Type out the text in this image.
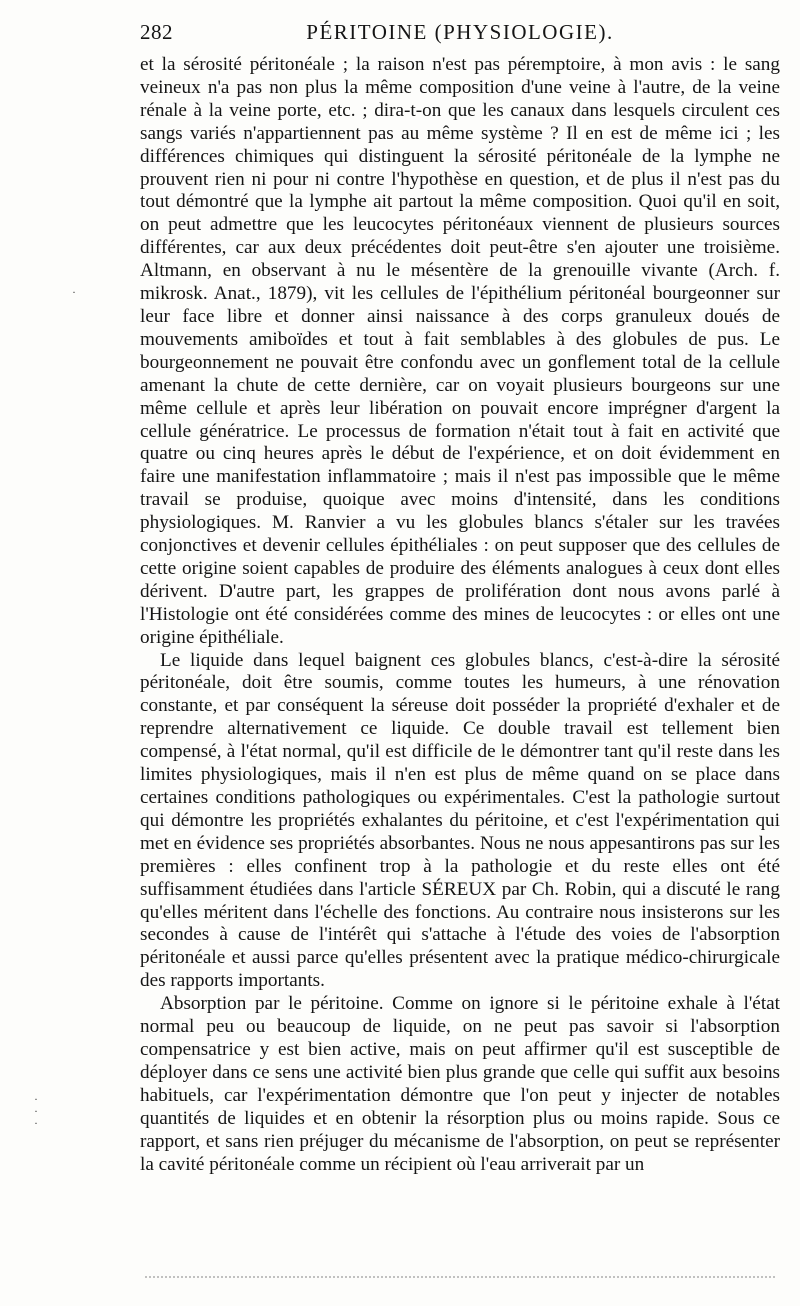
282	PÉRITOINE (PHYSIOLOGIE).

et la sérosité péritonéale ; la raison n'est pas péremptoire, à mon avis : le sang veineux n'a pas non plus la même composition d'une veine à l'autre, de la veine rénale à la veine porte, etc. ; dira-t-on que les canaux dans lesquels circulent ces sangs variés n'appartiennent pas au même système ? Il en est de même ici ; les différences chimiques qui distinguent la sérosité péritonéale de la lymphe ne prouvent rien ni pour ni contre l'hypothèse en question, et de plus il n'est pas du tout démontré que la lymphe ait partout la même composition. Quoi qu'il en soit, on peut admettre que les leucocytes péritonéaux viennent de plusieurs sources différentes, car aux deux précédentes doit peut-être s'en ajouter une troisième. Altmann, en observant à nu le mésentère de la grenouille vivante (Arch. f. mikrosk. Anat., 1879), vit les cellules de l'épithélium péritonéal bourgeonner sur leur face libre et donner ainsi naissance à des corps granuleux doués de mouvements amiboïdes et tout à fait semblables à des globules de pus. Le bourgeonnement ne pouvait être confondu avec un gonflement total de la cellule amenant la chute de cette dernière, car on voyait plusieurs bourgeons sur une même cellule et après leur libération on pouvait encore imprégner d'argent la cellule génératrice. Le processus de formation n'était tout à fait en activité que quatre ou cinq heures après le début de l'expérience, et on doit évidemment en faire une manifestation inflammatoire ; mais il n'est pas impossible que le même travail se produise, quoique avec moins d'intensité, dans les conditions physiologiques. M. Ranvier a vu les globules blancs s'étaler sur les travées conjonctives et devenir cellules épithéliales : on peut supposer que des cellules de cette origine soient capables de produire des éléments analogues à ceux dont elles dérivent. D'autre part, les grappes de prolifération dont nous avons parlé à l'Histologie ont été considérées comme des mines de leucocytes : or elles ont une origine épithéliale.

Le liquide dans lequel baignent ces globules blancs, c'est-à-dire la sérosité péritonéale, doit être soumis, comme toutes les humeurs, à une rénovation constante, et par conséquent la séreuse doit posséder la propriété d'exhaler et de reprendre alternativement ce liquide. Ce double travail est tellement bien compensé, à l'état normal, qu'il est difficile de le démontrer tant qu'il reste dans les limites physiologiques, mais il n'en est plus de même quand on se place dans certaines conditions pathologiques ou expérimentales. C'est la pathologie surtout qui démontre les propriétés exhalantes du péritoine, et c'est l'expérimentation qui met en évidence ses propriétés absorbantes. Nous ne nous appesantirons pas sur les premières : elles confinent trop à la pathologie et du reste elles ont été suffisamment étudiées dans l'article SÉREUX par Ch. Robin, qui a discuté le rang qu'elles méritent dans l'échelle des fonctions. Au contraire nous insisterons sur les secondes à cause de l'intérêt qui s'attache à l'étude des voies de l'absorption péritonéale et aussi parce qu'elles présentent avec la pratique médico-chirurgicale des rapports importants.

Absorption par le péritoine. Comme on ignore si le péritoine exhale à l'état normal peu ou beaucoup de liquide, on ne peut pas savoir si l'absorption compensatrice y est bien active, mais on peut affirmer qu'il est susceptible de déployer dans ce sens une activité bien plus grande que celle qui suffit aux besoins habituels, car l'expérimentation démontre que l'on peut y injecter de notables quantités de liquides et en obtenir la résorption plus ou moins rapide. Sous ce rapport, et sans rien préjuger du mécanisme de l'absorption, on peut se représenter la cavité péritonéale comme un récipient où l'eau arriverait par un

·
·
·
·
